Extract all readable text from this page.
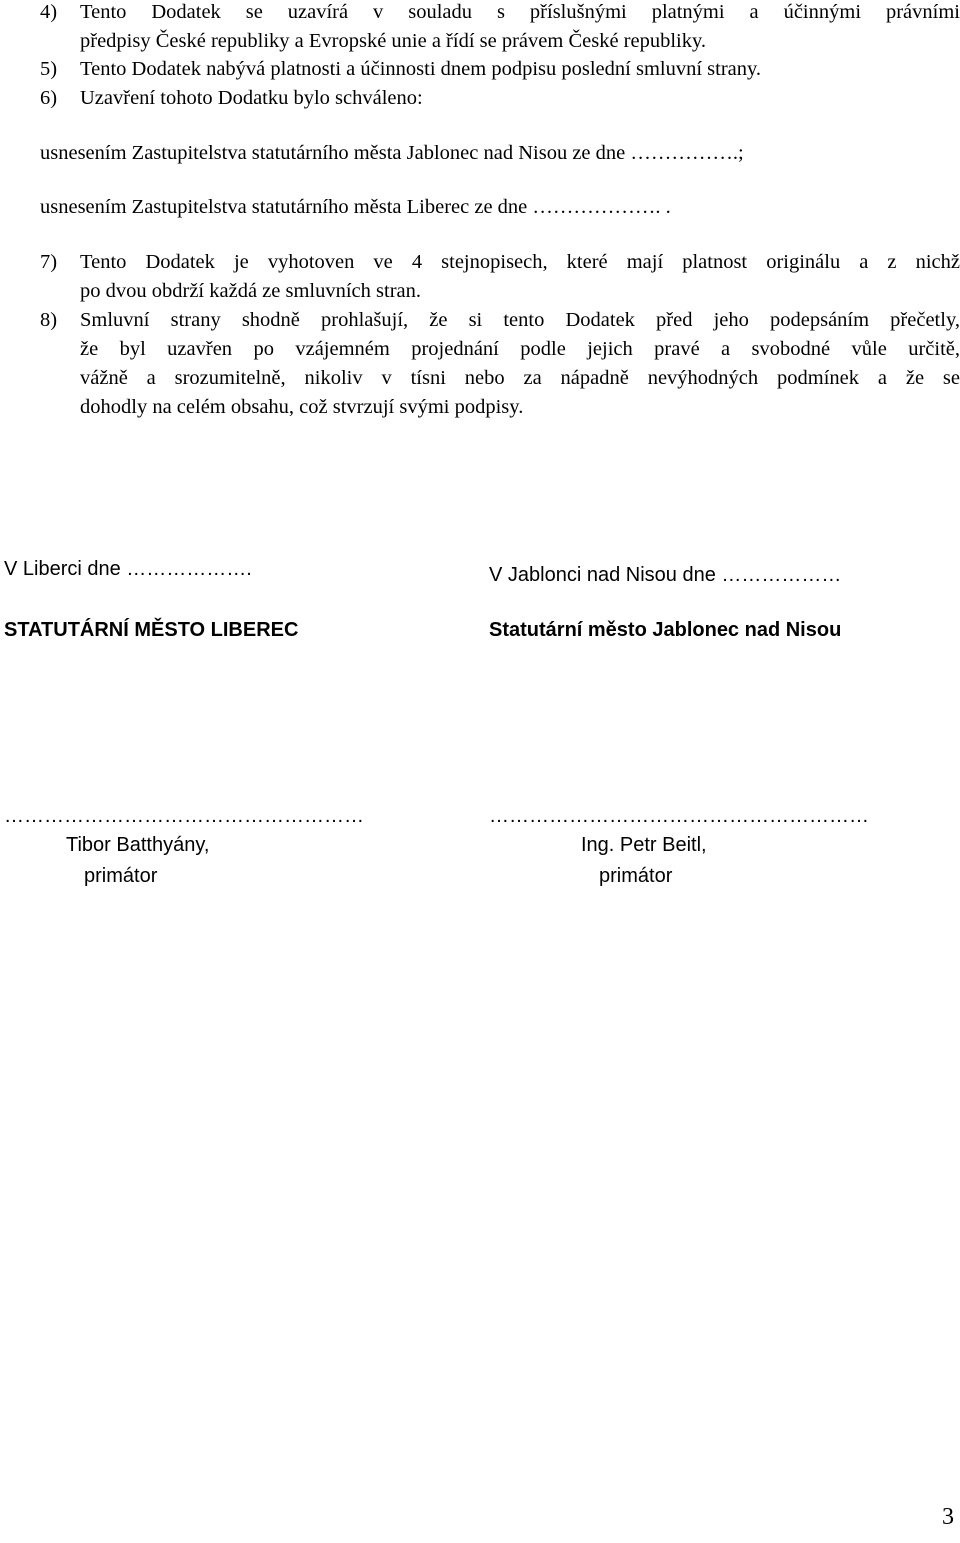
4) Tento Dodatek se uzavírá v souladu s příslušnými platnými a účinnými právními
předpisy České republiky a Evropské unie a řídí se právem České republiky.
5) Tento Dodatek nabývá platnosti a účinnosti dnem podpisu poslední smluvní strany.
6) Uzavření tohoto Dodatku bylo schváleno:
usnesením Zastupitelstva statutárního města Jablonec nad Nisou ze dne …………….;
usnesením Zastupitelstva statutárního města Liberec ze dne ………………. .
7) Tento Dodatek je vyhotoven ve 4 stejnopisech, které mají platnost originálu a z nichž
po dvou obdrží každá ze smluvních stran.
8) Smluvní strany shodně prohlašují, že si tento Dodatek před jeho podepsáním přečetly,
že byl uzavřen po vzájemném projednání podle jejich pravé a svobodné vůle určitě,
vážně a srozumitelně, nikoliv v tísni nebo za nápadně nevýhodných podmínek a že se
dohodly na celém obsahu, což stvrzují svými podpisy.
V Liberci dne ……………….
STATUTÁRNÍ MĚSTO LIBEREC
………………………………………………
Tibor Batthyány,
primátor
V Jablonci nad Nisou dne ………………
Statutární město Jablonec nad Nisou
…………………………………………………
Ing. Petr Beitl,
primátor
3
